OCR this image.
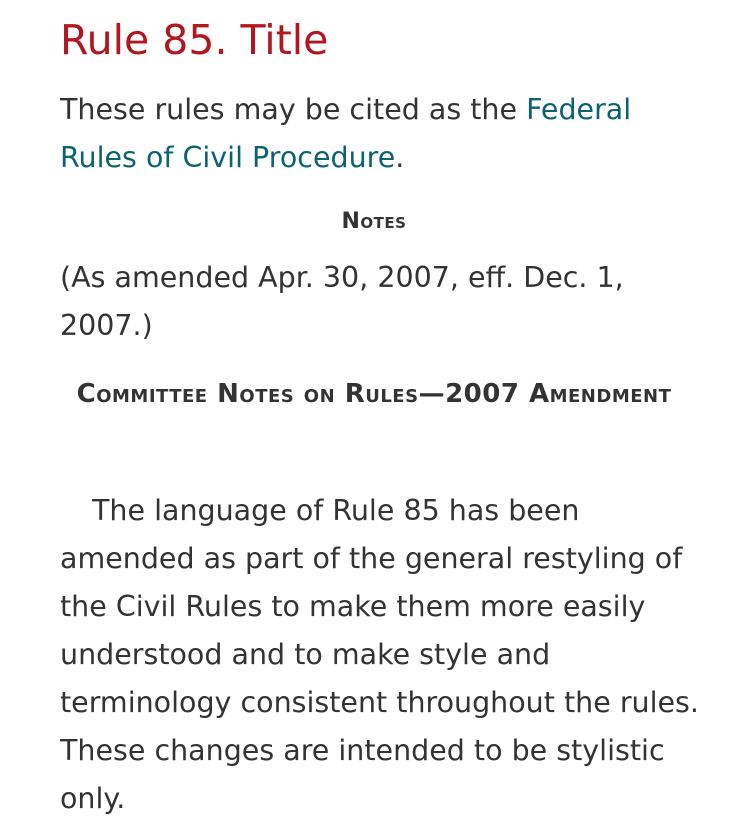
Rule 85. Title

These rules may be cited as the Federal Rules of Civil Procedure.

Notes

(As amended Apr. 30, 2007, eff. Dec. 1, 2007.)

Committee Notes on Rules—2007 Amendment

The language of Rule 85 has been amended as part of the general restyling of the Civil Rules to make them more easily understood and to make style and terminology consistent throughout the rules. These changes are intended to be stylistic only.
